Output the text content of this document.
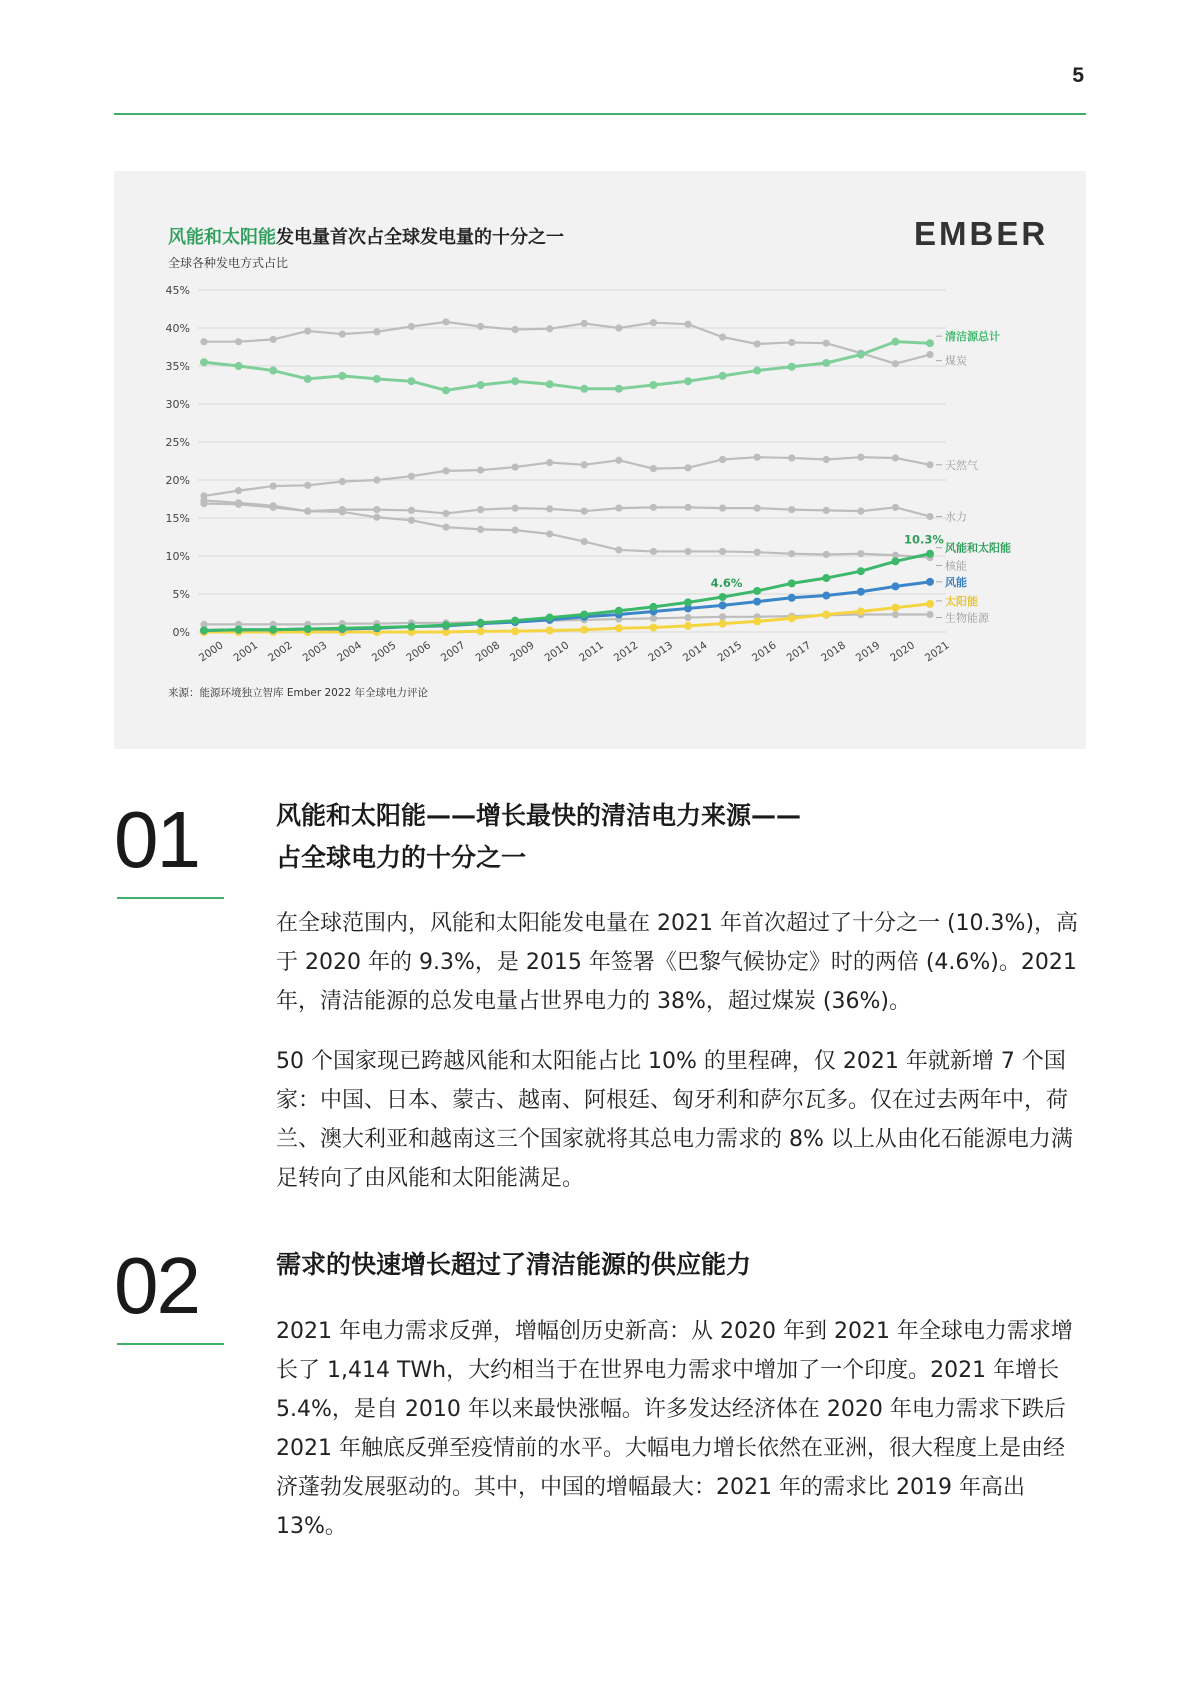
5
风能和太阳能发电量首次占全球发电量的十分之一
全球各种发电方式占比
EMBER
0%
5%
10%
15%
20%
25%
30%
35%
40%
45%
2000 2001 2002 2003 2004 2005 2006 2007 2008 2009 2010 2011 2012 2013 2014 2015 2016 2017 2018 2019 2020 2021
煤炭
天然气
水力
核能
生物能源
清洁源总计
太阳能
风能
风能和太阳能
4.6%
10.3%
来源：能源环境独立智库 Ember 2022 年全球电力评论
01	风能和太阳能——增长最快的清洁电力来源——
占全球电力的十分之一

在全球范围内，风能和太阳能发电量在 2021 年首次超过了十分之一 (10.3%)，高于 2020 年的 9.3%，是 2015 年签署《巴黎气候协定》时的两倍 (4.6%)。2021 年，清洁能源的总发电量占世界电力的 38%，超过煤炭 (36%)。

50 个国家现已跨越风能和太阳能占比 10% 的里程碑，仅 2021 年就新增 7 个国家：中国、日本、蒙古、越南、阿根廷、匈牙利和萨尔瓦多。仅在过去两年中，荷兰、澳大利亚和越南这三个国家就将其总电力需求的 8% 以上从由化石能源电力满足转向了由风能和太阳能满足。

02	需求的快速增长超过了清洁能源的供应能力

2021 年电力需求反弹，增幅创历史新高：从 2020 年到 2021 年全球电力需求增长了 1,414 TWh，大约相当于在世界电力需求中增加了一个印度。2021 年增长 5.4%，是自 2010 年以来最快涨幅。许多发达经济体在 2020 年电力需求下跌后 2021 年触底反弹至疫情前的水平。大幅电力增长依然在亚洲，很大程度上是由经济蓬勃发展驱动的。其中，中国的增幅最大：2021 年的需求比 2019 年高出 13%。
